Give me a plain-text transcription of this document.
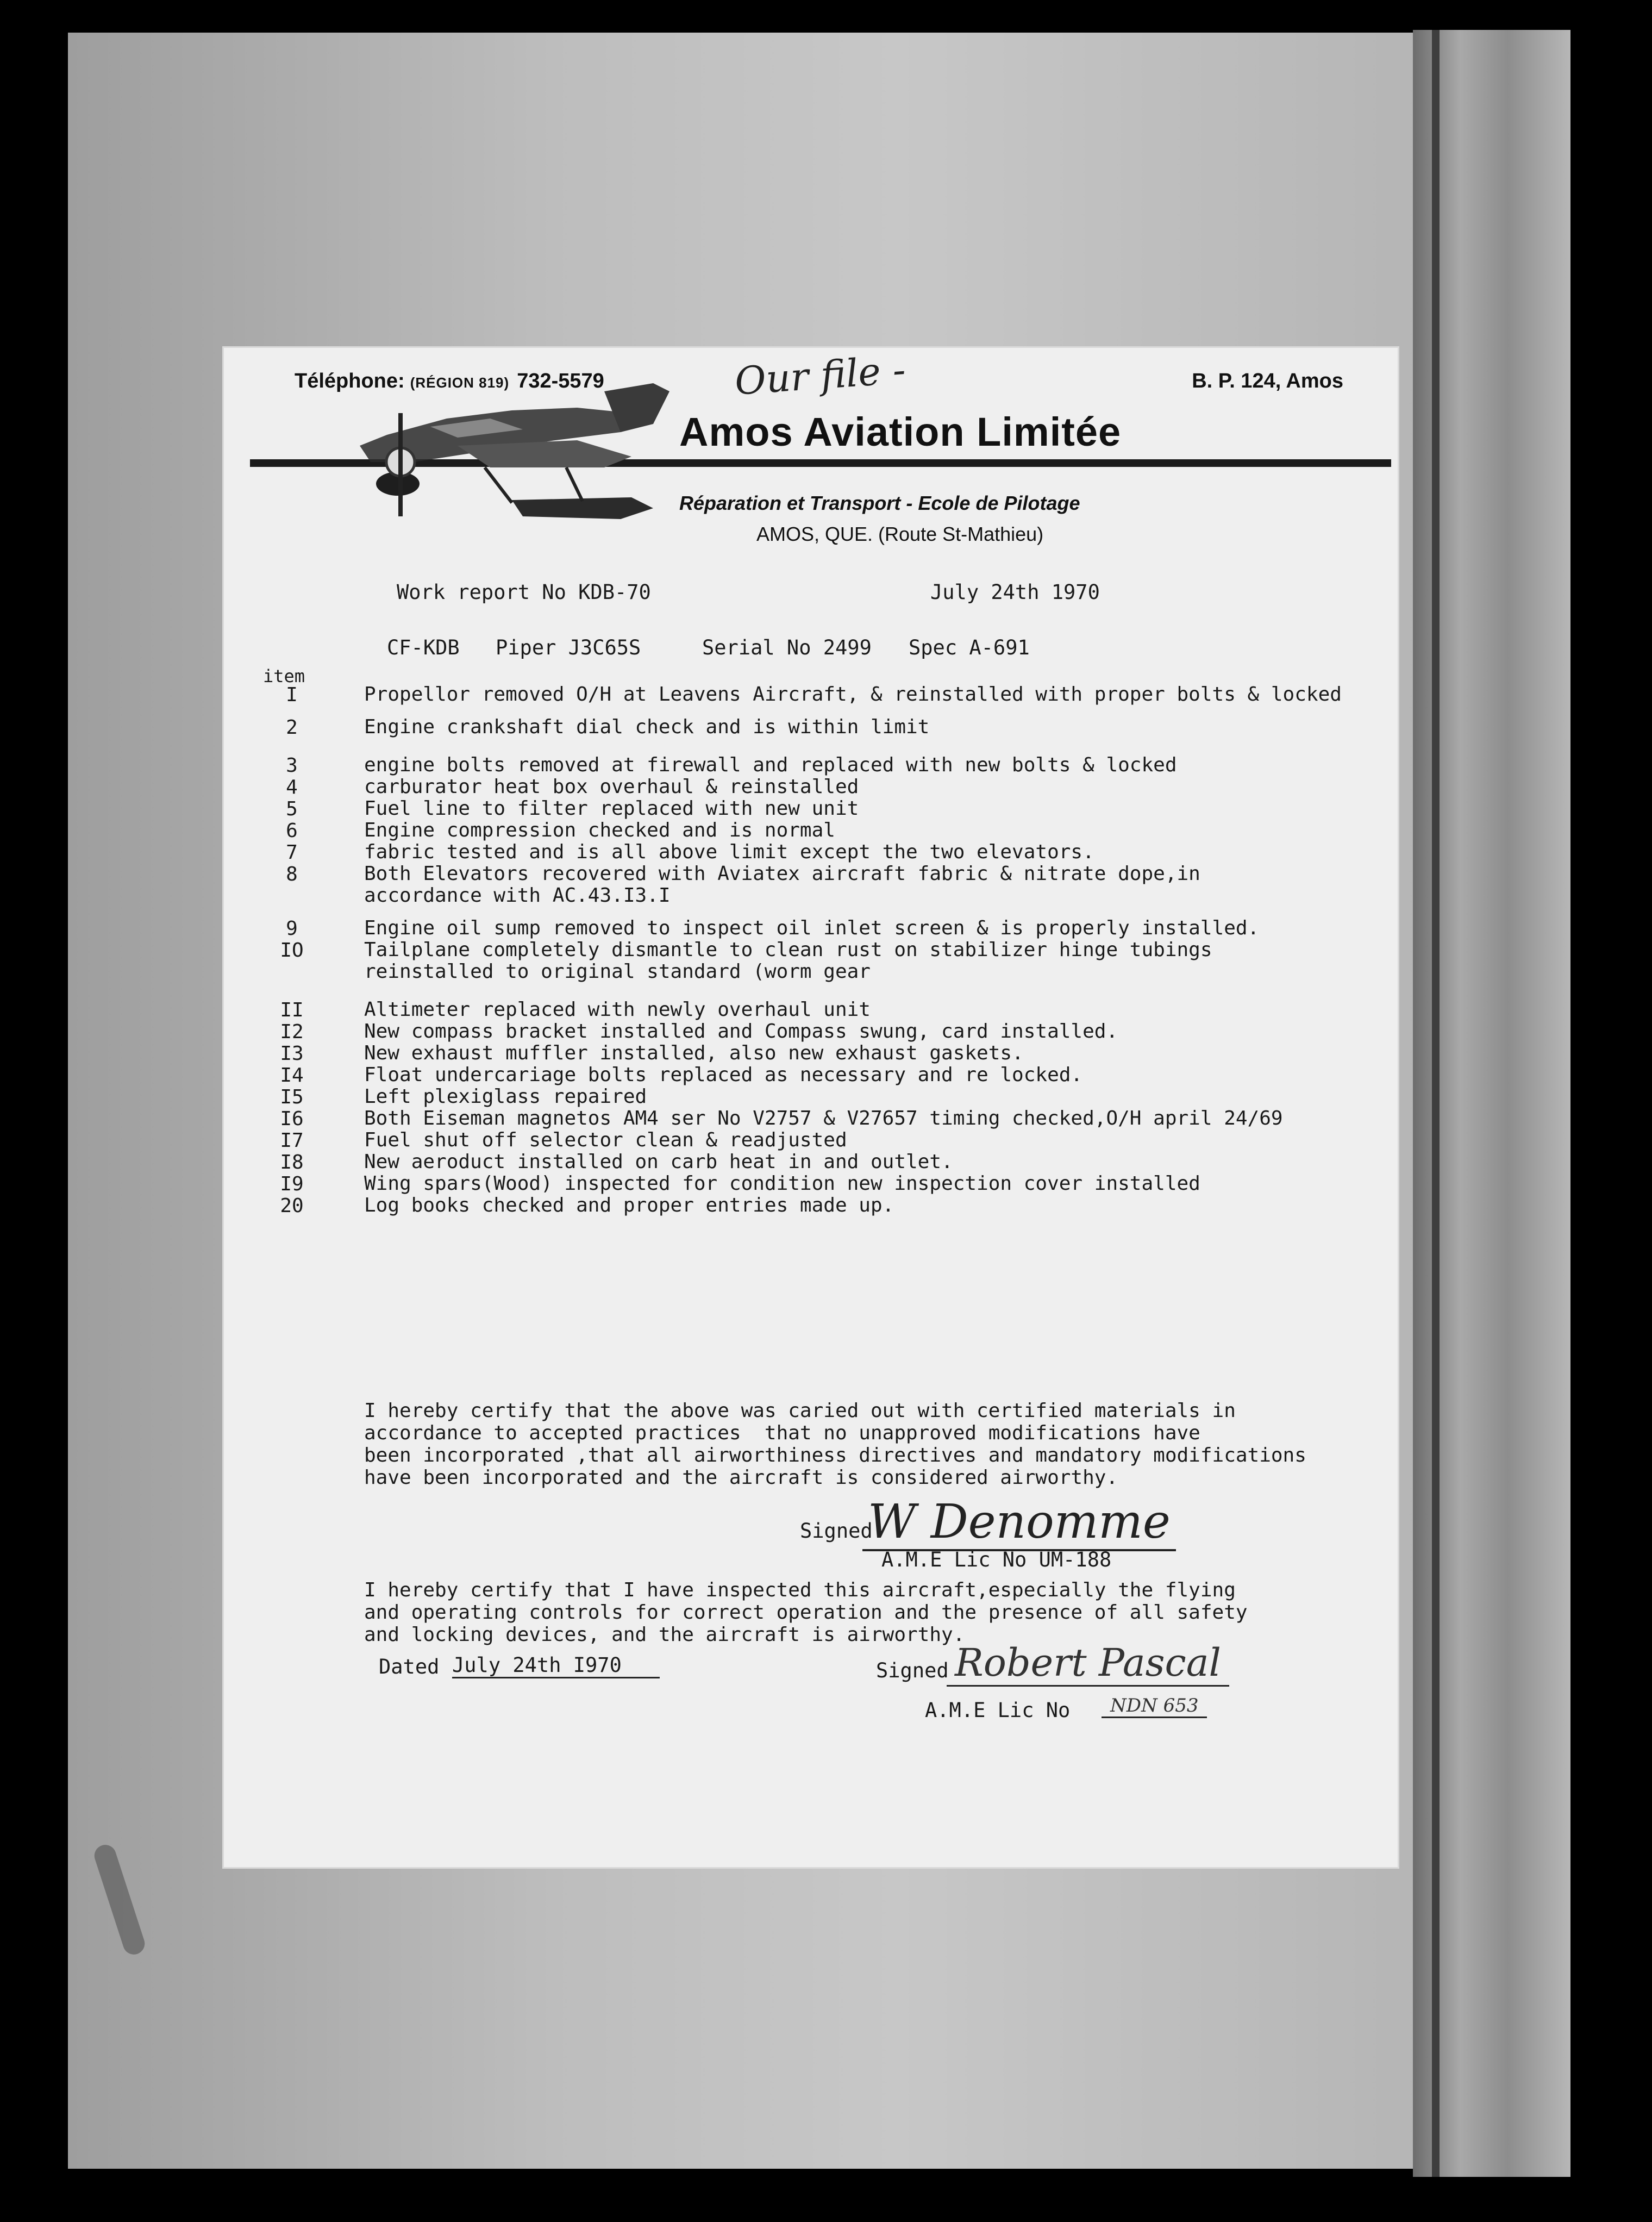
Téléphone: (RÉGION 819) 732-5579	Our file -	B. P. 124, Amos
Amos Aviation Limitée
Réparation et Transport - Ecole de Pilotage
AMOS, QUE. (Route St-Mathieu)
Work report No KDB-70	July 24th 1970
CF-KDB Piper J3C65S	Serial No 2499 Spec A-691
item
I	Propellor removed O/H at Leavens Aircraft, & reinstalled with proper bolts & locked
2	Engine crankshaft dial check and is within limit
3	engine bolts removed at firewall and replaced with new bolts & locked
4	carburator heat box overhaul & reinstalled
5	Fuel line to filter replaced with new unit
6	Engine compression checked and is normal
7	fabric tested and is all above limit except the two elevators.
8	Both Elevators recovered with Aviatex aircraft fabric & nitrate dope,in
accordance with AC.43.I3.I
9	Engine oil sump removed to inspect oil inlet screen & is properly installed.
IO	Tailplane completely dismantle to clean rust on stabilizer hinge tubings
reinstalled to original standard (worm gear
II	Altimeter replaced with newly overhaul unit
I2	New compass bracket installed and Compass swung, card installed.
I3	New exhaust muffler installed, also new exhaust gaskets.
I4	Float undercariage bolts replaced as necessary and re locked.
I5	Left plexiglass repaired
I6	Both Eiseman magnetos AM4 ser No V2757 & V27657 timing checked,O/H april 24/69
I7	Fuel shut off selector clean & readjusted
I8	New aeroduct installed on carb heat in and outlet.
I9	Wing spars(Wood) inspected for condition new inspection cover installed
20	Log books checked and proper entries made up.
I hereby certify that the above was caried out with certified materials in
accordance to accepted practices  that no unapproved modifications have
been incorporated ,that all airworthiness directives and mandatory modifications
have been incorporated and the aircraft is considered airworthy.
Signed
W Denomme
A.M.E Lic No UM-188
I hereby certify that I have inspected this aircraft,especially the flying
and operating controls for correct operation and the presence of all safety
and locking devices, and the aircraft is airworthy.
Dated July 24th I970	Signed Robert Pascal
A.M.E Lic No	NDN 653
